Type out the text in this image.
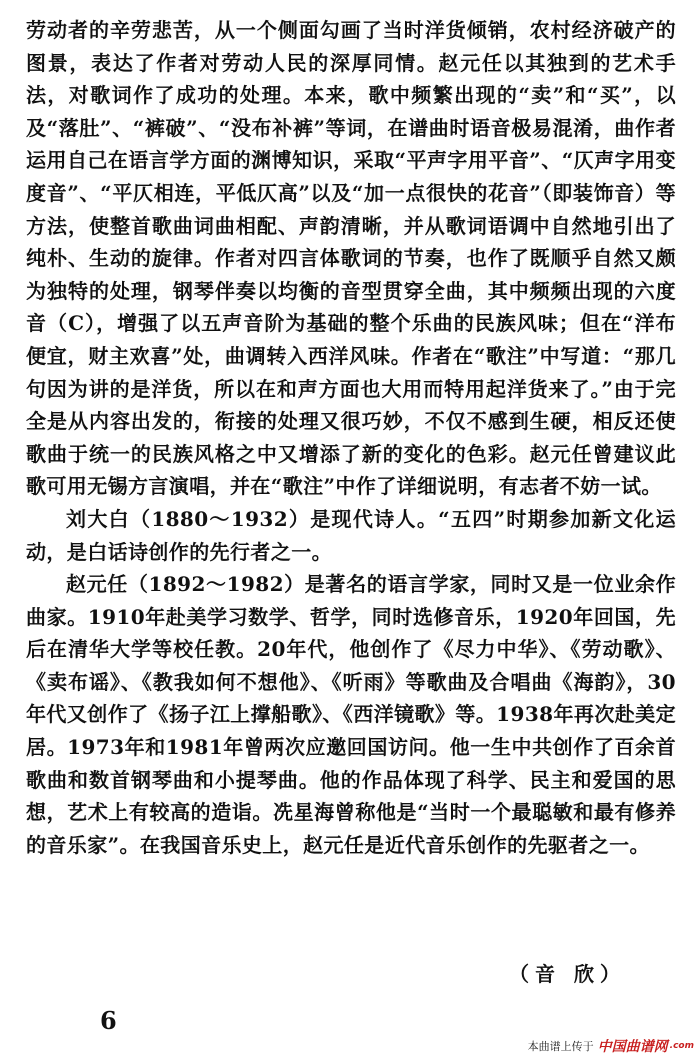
劳动者的辛劳悲苦，从一个侧面勾画了当时洋货倾销，农村经济破产的图景，表达了作者对劳动人民的深厚同情。赵元任以其独到的艺术手法，对歌词作了成功的处理。本来，歌中频繁出现的“卖”和“买”，以及“落肚”、“裤破”、“没布补裤”等词，在谱曲时语音极易混淆，曲作者运用自己在语言学方面的渊博知识，采取“平声字用平音”、“仄声字用变度音”、“平仄相连，平低仄高”以及“加一点很快的花音”（即装饰音）等方法，使整首歌曲词曲相配、声韵清晰，并从歌词语调中自然地引出了纯朴、生动的旋律。作者对四言体歌词的节奏，也作了既顺乎自然又颇为独特的处理，钢琴伴奏以均衡的音型贯穿全曲，其中频频出现的六度音（C），增强了以五声音阶为基础的整个乐曲的民族风味；但在“洋布便宜，财主欢喜”处，曲调转入西洋风味。作者在“歌注”中写道：“那几句因为讲的是洋货，所以在和声方面也大用而特用起洋货来了。”由于完全是从内容出发的，衔接的处理又很巧妙，不仅不感到生硬，相反还使歌曲于统一的民族风格之中又增添了新的变化的色彩。赵元任曾建议此歌可用无锡方言演唱，并在“歌注”中作了详细说明，有志者不妨一试。

刘大白（1880～1932）是现代诗人。“五四”时期参加新文化运动，是白话诗创作的先行者之一。

赵元任（1892～1982）是著名的语言学家，同时又是一位业余作曲家。1910年赴美学习数学、哲学，同时选修音乐，1920年回国，先后在清华大学等校任教。20年代，他创作了《尽力中华》、《劳动歌》、《卖布谣》、《教我如何不想他》、《听雨》等歌曲及合唱曲《海韵》，30年代又创作了《扬子江上撑船歌》、《西洋镜歌》等。1938年再次赴美定居。1973年和1981年曾两次应邀回国访问。他一生中共创作了百余首歌曲和数首钢琴曲和小提琴曲。他的作品体现了科学、民主和爱国的思想，艺术上有较高的造诣。冼星海曾称他是“当时一个最聪敏和最有修养的音乐家”。在我国音乐史上，赵元任是近代音乐创作的先驱者之一。

（音 欣）
6
本曲谱上传于 中国曲谱网 .com
